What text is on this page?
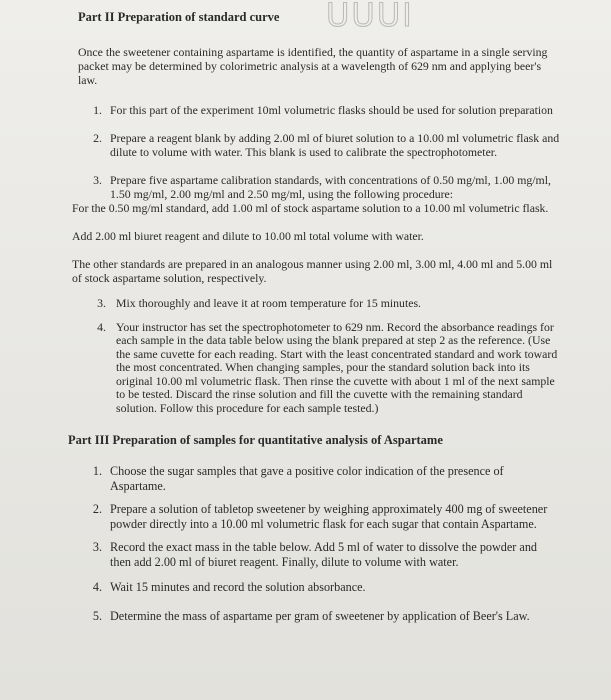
UUUI
Part II Preparation of standard curve

Once the sweetener containing aspartame is identified, the quantity of aspartame in a single serving packet may be determined by colorimetric analysis at a wavelength of 629 nm and applying beer's law.

1. For this part of the experiment 10ml volumetric flasks should be used for solution preparation
2. Prepare a reagent blank by adding 2.00 ml of biuret solution to a 10.00 ml volumetric flask and dilute to volume with water. This blank is used to calibrate the spectrophotometer.
3. Prepare five aspartame calibration standards, with concentrations of 0.50 mg/ml, 1.00 mg/ml, 1.50 mg/ml, 2.00 mg/ml and 2.50 mg/ml, using the following procedure:

For the 0.50 mg/ml standard, add 1.00 ml of stock aspartame solution to a 10.00 ml volumetric flask.

Add 2.00 ml biuret reagent and dilute to 10.00 ml total volume with water.

The other standards are prepared in an analogous manner using 2.00 ml, 3.00 ml, 4.00 ml and 5.00 ml of stock aspartame solution, respectively.

3. Mix thoroughly and leave it at room temperature for 15 minutes.
4. Your instructor has set the spectrophotometer to 629 nm. Record the absorbance readings for each sample in the data table below using the blank prepared at step 2 as the reference. (Use the same cuvette for each reading. Start with the least concentrated standard and work toward the most concentrated. When changing samples, pour the standard solution back into its original 10.00 ml volumetric flask. Then rinse the cuvette with about 1 ml of the next sample to be tested. Discard the rinse solution and fill the cuvette with the remaining standard solution. Follow this procedure for each sample tested.)
Part III Preparation of samples for quantitative analysis of Aspartame
1. Choose the sugar samples that gave a positive color indication of the presence of Aspartame.
2. Prepare a solution of tabletop sweetener by weighing approximately 400 mg of sweetener powder directly into a 10.00 ml volumetric flask for each sugar that contain Aspartame.
3. Record the exact mass in the table below. Add 5 ml of water to dissolve the powder and then add 2.00 ml of biuret reagent. Finally, dilute to volume with water.
4. Wait 15 minutes and record the solution absorbance.
5. Determine the mass of aspartame per gram of sweetener by application of Beer's Law.
